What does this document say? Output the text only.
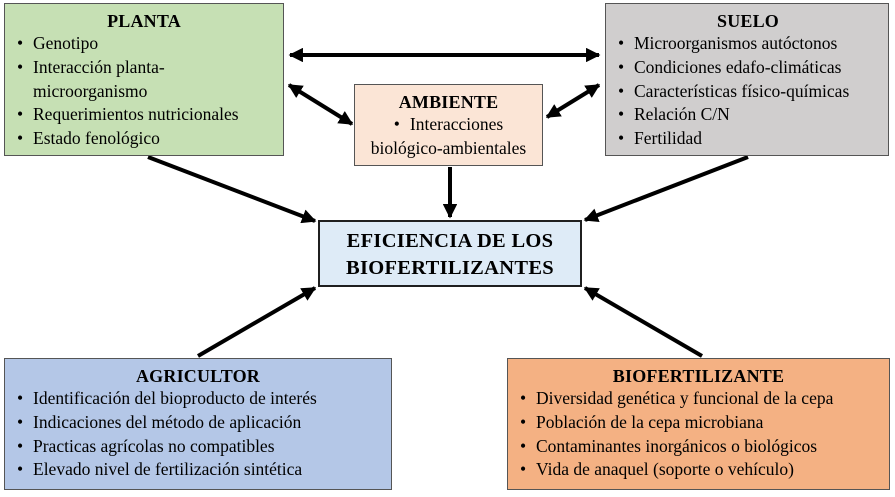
PLANTA
• Genotipo
• Interacción planta-
microorganismo
• Requerimientos nutricionales
• Estado fenológico
SUELO
• Microorganismos autóctonos
• Condiciones edafo-climáticas
• Características físico-químicas
• Relación C/N
• Fertilidad
AMBIENTE
• Interacciones biológico-ambientales
EFICIENCIA DE LOS
BIOFERTILIZANTES
AGRICULTOR
• Identificación del bioproducto de interés
• Indicaciones del método de aplicación
• Practicas agrícolas no compatibles
• Elevado nivel de fertilización sintética
BIOFERTILIZANTE
• Diversidad genética y funcional de la cepa
• Población de la cepa microbiana
• Contaminantes inorgánicos o biológicos
• Vida de anaquel (soporte o vehículo)
